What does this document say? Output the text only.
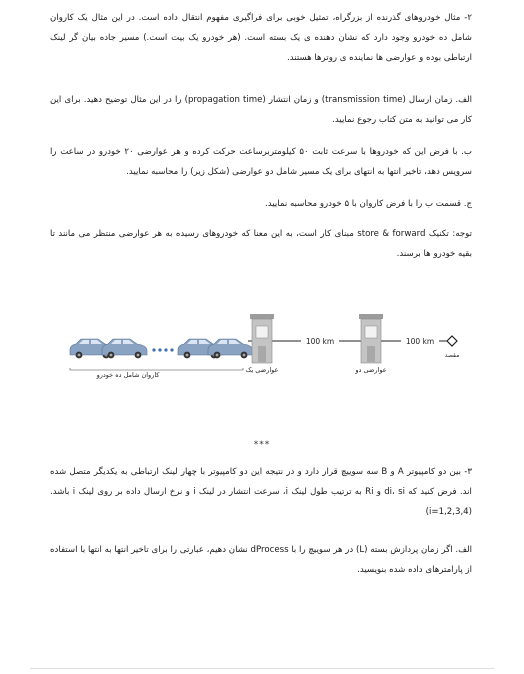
۲- مثال خودروهای گذرنده از بزرگراه، تمثیل خوبی برای فراگیری مفهوم انتقال داده است. در این مثال یک کاروان شامل ده خودرو وجود دارد که نشان دهنده ی یک بسته است. (هر خودرو یک بیت است.) مسیر جاده بیان گر لینک ارتباطی بوده و عوارضی ها نماینده ی روترها هستند.
الف. زمان ارسال (transmission time) و زمان انتشار (propagation time) را در این مثال توضیح دهید. برای این کار می توانید به متن کتاب رجوع نمایید.
ب. با فرض این که خودروها با سرعت ثابت ۵۰ کیلومتربرساعت حرکت کرده و هر عوارضی ۲۰ خودرو در ساعت را سرویس دهد، تاخیر انتها به انتهای برای یک مسیر شامل دو عوارضی (شکل زیر) را محاسبه نمایید.
ج. قسمت ب را با فرض کاروان با ۵ خودرو محاسبه نمایید.
توجه: تکنیک store & forward مبنای کار است، به این معنا که خودروهای رسیده به هر عوارضی منتظر می مانند تا بقیه خودرو ها برسند.
100 km	100 km
کاروان شامل ده خودرو
عوارضی یک	عوارضی دو
مقصد
***
۳- بین دو کامپیوتر A و B سه سوییچ قرار دارد و در نتیجه این دو کامپیوتر با چهار لینک ارتباطی به یکدیگر متصل شده اند. فرض کنید که di، si و Ri به ترتیب طول لینک i، سرعت انتشار در لینک i و نرخ ارسال داده بر روی لینک i باشد. (i=1,2,3,4)
الف. اگر زمان پردازش بسته (L) در هر سوییچ را با dProcess نشان دهیم، عبارتی را برای تاخیر انتها به انتها با استفاده از پارامترهای داده شده بنویسید.
